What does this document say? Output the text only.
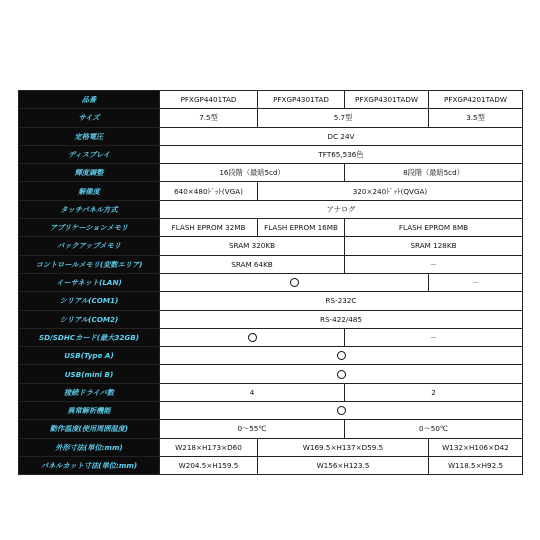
品番	PFXGP4401TAD	PFXGP4301TAD	PFXGP4301TADW	PFXGP4201TADW
サイズ	7.5型	5.7型		3.5型
定格電圧	DC 24V			
ディスプレイ	TFT65,536色			
輝度調整	16段階（最暗5cd）		8段階（最暗5cd）	
解像度	640×480ﾄﾞｯﾄ(VGA)	320×240ﾄﾞｯﾄ(QVGA)		
タッチパネル方式	アナログ			
アプリケーションメモリ	FLASH EPROM 32MB	FLASH EPROM 16MB	FLASH EPROM 8MB	
バックアップメモリ	SRAM 320KB		SRAM 128KB	
コントロールメモリ(変数エリア)	SRAM 64KB		－	
イーサネット(LAN)				－
シリアル(COM1)	RS-232C			
シリアル(COM2)	RS-422/485			
SD/SDHCカード(最大32GB)			－	
USB(Type A)				
USB(mini B)				
接続ドライバ数	4		2	
異常解析機能				
動作温度(使用周囲温度)	0～55℃		0～50℃	
外形寸法(単位:mm)	W218×H173×D60	W169.5×H137×D59.5		W132×H106×D42
パネルカット寸法(単位:mm)	W204.5×H159.5	W156×H123.5		W118.5×H92.5
